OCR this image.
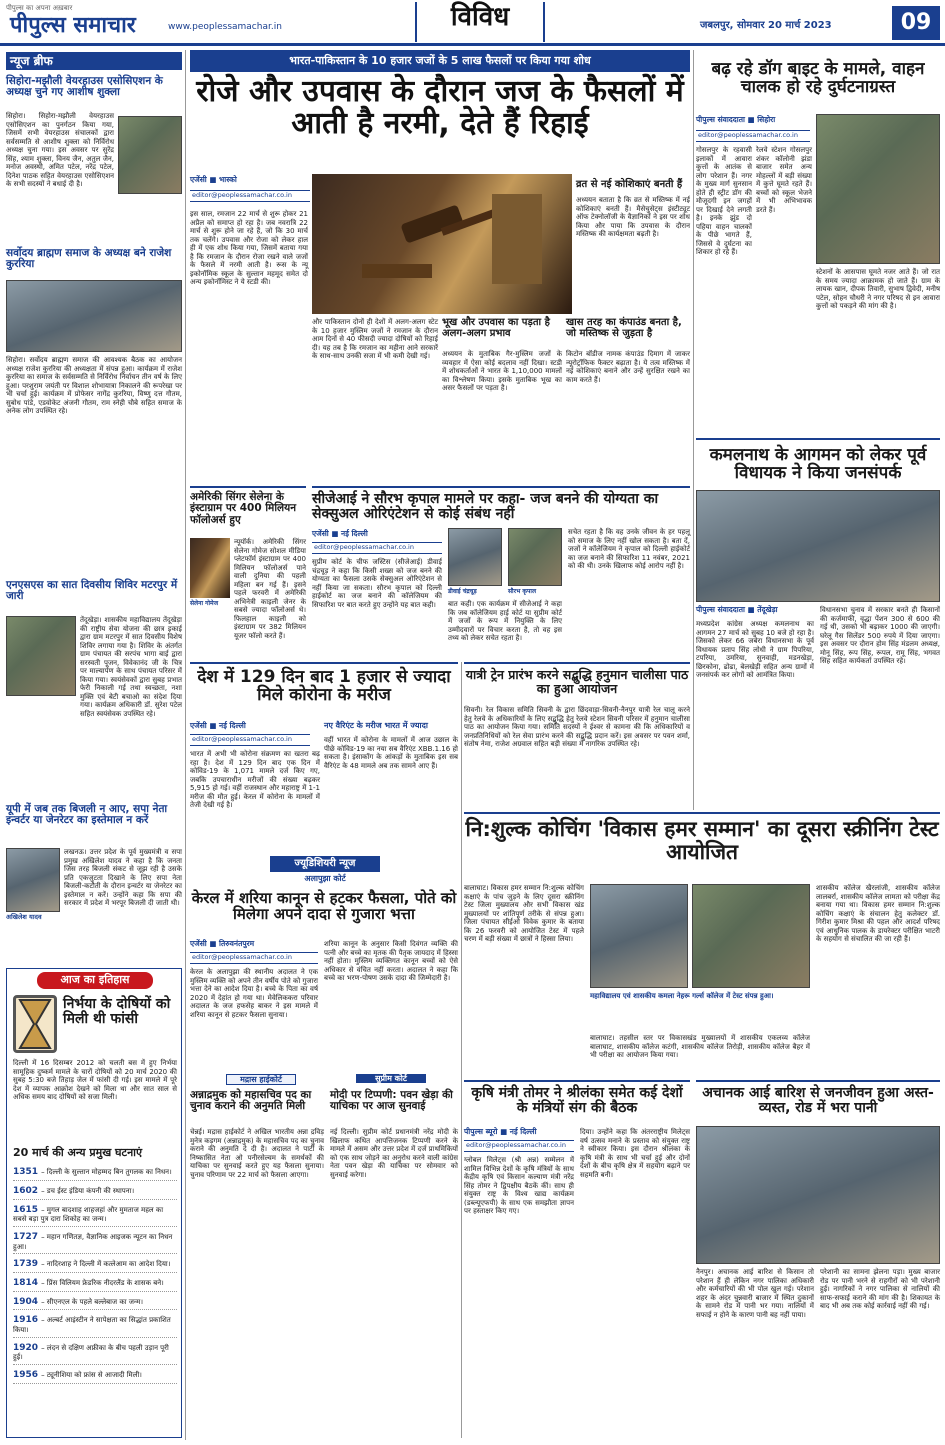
पीपुल्स का अपना अख़बार
पीपुल्स समाचार	www.peoplessamachar.in	विविध	जबलपुर, सोमवार 20 मार्च 2023	09
न्यूज ब्रीफ
सिहोरा-मझौली वेयरहाउस एसोसिएशन के अध्यक्ष चुने गए आशीष शुक्ला
सिहोरा। सिहोरा-मझौली वेयरहाउस एसोसिएशन का पुनर्गठन किया गया, जिसमें सभी वेयरहाउस संचालकों द्वारा सर्वसम्मति से आशीष शुक्ला को निर्विरोध अध्यक्ष चुना गया। इस अवसर पर सुरेंद्र सिंह, श्याम शुक्ला, विनय जैन, अतुल जैन, मनोज अवस्थी, अमित पटेल, नरेंद्र पटेल, दिनेश पाठक सहित वेयरहाउस एसोसिएशन के सभी सदस्यों ने बधाई दी है।
सर्वोदय ब्राह्मण समाज के अध्यक्ष बने राजेश कुररिया
सिहोरा। सर्वोदय ब्राह्मण समाज की आवश्यक बैठक का आयोजन अध्यक्ष राजेश कुररिया की अध्यक्षता में संपन्न हुआ। कार्यक्रम में राजेश कुररिया का समाज के सर्वसम्मति से निर्विरोध निर्वाचन तीन वर्ष के लिए हुआ। परशुराम जयंती पर विशाल शोभायात्रा निकालने की रूपरेखा पर भी चर्चा हुई। कार्यक्रम में प्रोफेसर नागेंद्र कुररिया, विष्णु दत्त गौतम, सुबोध पांडे, एडवोकेट अंजनी गौतम, राम स्नेही चौबे सहित समाज के अनेक लोग उपस्थित रहे।
एनएसएस का सात दिवसीय शिविर मटरपुर में जारी
तेंदूखेड़ा। शासकीय महाविद्यालय तेंदूखेड़ा की राष्ट्रीय सेवा योजना की छात्र इकाई द्वारा ग्राम मटरपुर में सात दिवसीय विशेष शिविर लगाया गया है। शिविर के अंतर्गत ग्राम पंचायत की सरपंच भागा बाई द्वारा सरस्वती पूजन, विवेकानंद जी के चित्र पर माल्यार्पण के साथ पंचायत परिसर में किया गया। स्वयंसेवकों द्वारा सुबह प्रभात फेरी निकाली गई तथा स्वच्छता, नशा मुक्ति एवं बेटी बचाओ का संदेश दिया गया। कार्यक्रम अधिकारी डॉ. सुरेश पटेल सहित स्वयंसेवक उपस्थित रहे।
यूपी में जब तक बिजली न आए, सपा नेता इन्वर्टर या जेनरेटर का इस्तेमाल न करें
अखिलेश यादव
लखनऊ। उत्तर प्रदेश के पूर्व मुख्यमंत्री व सपा प्रमुख अखिलेश यादव ने कहा है कि जनता जिस तरह बिजली संकट से जूझ रही है उसके प्रति एकजुटता दिखाने के लिए सपा नेता बिजली-कटौती के दौरान इन्वर्टर या जेनरेटर का इस्तेमाल न करें। उन्होंने कहा कि सपा की सरकार में प्रदेश में भरपूर बिजली दी जाती थी।
आज का इतिहास
निर्भया के दोषियों को मिली थी फांसी
दिल्ली में 16 दिसम्बर 2012 को चलती बस में हुए निर्भया सामूहिक दुष्कर्म मामले के चारों दोषियों को 20 मार्च 2020 की सुबह 5:30 बजे तिहाड़ जेल में फांसी दी गई। इस मामले में पूरे देश में व्यापक आक्रोश देखने को मिला था और सात साल से अधिक समय बाद दोषियों को सजा मिली।
20 मार्च की अन्य प्रमुख घटनाएं
1351 – दिल्ली के सुल्तान मोहम्मद बिन तुगलक का निधन।
1602 – डच ईस्ट इंडिया कंपनी की स्थापना।
1615 – मुगल बादशाह शाहजहां और मुमताज महल का सबसे बड़ा पुत्र दारा शिकोह का जन्म।
1727 – महान गणितज्ञ, वैज्ञानिक आइजक न्यूटन का निधन हुआ।
1739 – नादिरशाह ने दिल्ली में कत्लेआम का आदेश दिया।
1814 – प्रिंस विलियम फ्रेडरिक नीदरलैंड के शासक बने।
1904 – सीएनएल के पहले बल्लेबाज का जन्म।
1916 – अल्बर्ट आइंस्टीन ने सापेक्षता का सिद्धांत प्रकाशित किया।
1920 – लंदन से दक्षिण अफ्रीका के बीच पहली उड़ान पूरी हुई।
1956 – ट्यूनीशिया को फ्रांस से आजादी मिली।
भारत-पाकिस्तान के 10 हजार जजों के 5 लाख फैसलों पर किया गया शोध
रोजे और उपवास के दौरान जज के फैसलों में आती है नरमी, देते हैं रिहाई
एजेंसी ■ भास्को
editor@peoplessamachar.co.in
व्रत से नई कोशिकाएं बनती हैं
इस साल, रमजान 22 मार्च से शुरू होकर 21 अप्रैल को समाप्त हो रहा है। जब नवरात्रि 22 मार्च से शुरू होने जा रहे हैं, जो कि 30 मार्च तक चलेंगे। उपवास और रोजा को लेकर हाल ही में एक शोध किया गया, जिसमें बताया गया है कि रमजान के दौरान रोजा रखने वाले जजों के फैसले में नरमी आती है। रूस के न्यू इकोनॉमिक स्कूल के सुल्तान महमूद समेत दो अन्य इकोनॉमिस्ट ने ये स्टडी की।
और पाकिस्तान दोनों ही देशों में अलग-अलग स्टेट के 10 हजार मुस्लिम जजों ने रमजान के दौरान आम दिनों से 40 फीसदी ज्यादा दोषियों को रिहाई दी। यह तब है कि रमजान का महीना आने सरकारें के साथ-साथ उनकी सजा में भी कमी देखी गई।
भूख और उपवास का पड़ता है अलग-अलग प्रभाव
अध्ययन के मुताबिक गैर-मुस्लिम जजों के व्यवहार में ऐसा कोई बदलाव नहीं दिखा। स्टडी में शोधकर्ताओं ने भारत के 1,10,000 मामलों का विश्लेषण किया। इसके मुताबिक भूख का असर फैसलों पर पड़ता है।
अध्ययन बताता है कि व्रत से मस्तिष्क में नई कोशिकाएं बनती हैं। मैसेचुसेट्स इंस्टीट्यूट ऑफ टेक्नोलॉजी के वैज्ञानिकों ने इस पर शोध किया और पाया कि उपवास के दौरान मस्तिष्क की कार्यक्षमता बढ़ती है।
खास तरह का कंपाउंड बनता है, जो मस्तिष्क से जुड़ता है
किटोन बॉडीज नामक कंपाउंड दिमाग में जाकर न्यूरोट्रॉफिक फैक्टर बढ़ाता है। ये तत्व मस्तिष्क में नई कोशिकाएं बनाने और उन्हें सुरक्षित रखने का काम करते हैं।
बढ़ रहे डॉग बाइट के मामले, वाहन चालक हो रहे दुर्घटनाग्रस्त
पीपुल्स संवाददाता ■ सिहोरा
editor@peoplessamachar.co.in
गोसलपुर के रहवासी इलाकों में आवारा कुत्तों के आतंक से लोग परेशान हैं। नगर के मुख्य मार्ग सुनसान होते ही स्ट्रीट डॉग की मौजूदगी इन जगहों पर दिखाई देने लगती है। इनके झुंड दो पहिया वाहन चालकों के पीछे भागते हैं, जिससे वे दुर्घटना का शिकार हो रहे हैं।
रेलवे स्टेशन गोसलपुर शंकर कॉलोनी झंडा बाजार समेत अन्य मोहल्लों में बड़ी संख्या में कुत्ते घूमते रहते हैं। बच्चों को स्कूल भेजने में भी अभिभावक डरते हैं।
स्टेशनों के आसपास घूमते नजर आते हैं। जो रात के समय ज्यादा आक्रामक हो जाते हैं। ग्राम के लायक खान, दीपक तिवारी, सुभाष द्विवेदी, मनीष पटेल, सोहन चौधरी ने नगर परिषद से इन आवारा कुत्तों को पकड़ने की मांग की है।
कमलनाथ के आगमन को लेकर पूर्व विधायक ने किया जनसंपर्क
पीपुल्स संवाददाता ■ तेंदूखेड़ा
मध्यप्रदेश कांग्रेस अध्यक्ष कमलनाथ का आगमन 27 मार्च को सुबह 10 बजे हो रहा है। जिसको लेकर 66 जबेरा विधानसभा के पूर्व विधायक प्रताप सिंह लोधी ने ग्राम पिपरिया, टपरिया, उमरिया, सुनवाही, मडनखेड़ा, छिरकोना, ढोढा, बेलखेड़ी सहित अन्य ग्रामों में जनसंपर्क कर लोगों को आमंत्रित किया।
विधानसभा चुनाव में सरकार बनते ही किसानों की कर्जमाफी, वृद्धा पेंशन 300 से 600 की गई थी, उसको भी बढ़ाकर 1000 की जाएगी। घरेलू गैस सिलेंडर 500 रुपये में दिया जाएगा। इस अवसर पर दौरान होम सिंह मंडलम अध्यक्ष, मोनू सिंह, रूप सिंह, रूपल, रामू सिंह, भगवत सिंह सहित कार्यकर्ता उपस्थित रहे।
अमेरिकी सिंगर सेलेना के इंस्टाग्राम पर 400 मिलियन फॉलोअर्स हुए
सेलेना गोमेज
न्यूयॉर्क। अमेरिकी सिंगर सेलेना गोमेज सोशल मीडिया प्लेटफॉर्म इंस्टाग्राम पर 400 मिलियन फॉलोअर्स पाने वाली दुनिया की पहली महिला बन गई हैं। इसने पहले फरवरी में अमेरिकी अभिनेत्री काइली जेनर के सबसे ज्यादा फॉलोअर्स थे। फिलहाल काइली को इंस्टाग्राम पर 382 मिलियन यूजर फॉलो करते हैं।
सीजेआई ने सौरभ कृपाल मामले पर कहा- जज बनने की योग्यता का सेक्सुअल ओरिएंटेशन से कोई संबंध नहीं
एजेंसी ■ नई दिल्ली
editor@peoplessamachar.co.in
सुप्रीम कोर्ट के चीफ जस्टिस (सीजेआई) डीवाई चंद्रचूड़ ने कहा कि किसी शख्स को जज बनने की योग्यता का फैसला उसके सेक्सुअल ओरिएंटेशन से नहीं किया जा सकता। सौरभ कृपाल को दिल्ली हाईकोर्ट का जज बनाने की कॉलेजियम की सिफारिश पर बात करते हुए उन्होंने यह बात कही।
डीवाई चंद्रचूड़	सौरभ कृपाल
बात कही। एक कार्यक्रम में सीजेआई ने कहा कि जब कॉलेजियम हाई कोर्ट या सुप्रीम कोर्ट में जजों के रूप में नियुक्ति के लिए उम्मीदवारों पर विचार करता है, तो वह इस तथ्य को लेकर सचेत रहता है।
सचेत रहता है कि वह उनके जीवन के हर पहलू को समाज के लिए नहीं खोल सकता है। बता दें, जजों ने कॉलेजियम ने कृपाल को दिल्ली हाईकोर्ट का जज बनाने की सिफारिश 11 नवंबर, 2021 को की थी। उनके खिलाफ कोई आरोप नहीं है।
देश में 129 दिन बाद 1 हजार से ज्यादा मिले कोरोना के मरीज
एजेंसी ■ नई दिल्ली
editor@peoplessamachar.co.in
भारत में अभी भी कोरोना संक्रमण का खतरा बढ़ रहा है। देश में 129 दिन बाद एक दिन में कोविड-19 के 1,071 मामले दर्ज किए गए, जबकि उपचाराधीन मरीजों की संख्या बढ़कर 5,915 हो गई। वहीं राजस्थान और महाराष्ट्र में 1-1 मरीज की मौत हुई। केरल में कोरोना के मामलों में तेजी देखी गई है।
नए वैरिएंट के मरीज भारत में ज्यादा
वहीं भारत में कोरोना के मामलों में आज उछाल के पीछे कोविड-19 का नया सब वैरिएंट XBB.1.16 हो सकता है। इंसाकॉग के आंकड़ों के मुताबिक इस सब वैरिएंट के 48 मामले अब तक सामने आए हैं।
यात्री ट्रेन प्रारंभ करने सद्बुद्धि हनुमान चालीसा पाठ का हुआ आयोजन
सिवनी। रेल विकास समिति सिवनी के द्वारा छिंदवाड़ा-सिवनी-नैनपुर यात्री रेल चालू करने हेतु रेलवे के अधिकारियों के लिए सद्बुद्धि हेतु रेलवे स्टेशन सिवनी परिसर में हनुमान चालीसा पाठ का आयोजन किया गया। समिति सदस्यों ने ईश्वर से कामना की कि अधिकारियों व जनप्रतिनिधियों को रेल सेवा प्रारंभ करने की सद्बुद्धि प्रदान करें। इस अवसर पर पवन शर्मा, संतोष नेमा, राजेश अग्रवाल सहित बड़ी संख्या में नागरिक उपस्थित रहे।
ज्यूडिशियरी न्यूज
अलापुझा कोर्ट
केरल में शरिया कानून से हटकर फैसला, पोते को मिलेगा अपने दादा से गुजारा भत्ता
एजेंसी ■ तिरुवनंतपुरम
editor@peoplessamachar.co.in
केरल के अलापुझा की स्थानीय अदालत ने एक मुस्लिम व्यक्ति को अपने तीन वर्षीय पोते को गुजारा भत्ता देने का आदेश दिया है। बच्चे के पिता का वर्ष 2020 में देहांत हो गया था। मेवेलिककरा परिवार अदालत के जज हफसेह बाकर ने इस मामले में शरिया कानून से हटकर फैसला सुनाया।
शरिया कानून के अनुसार किसी दिवंगत व्यक्ति की पत्नी और बच्चे का मृतक की पैतृक जायदाद में हिस्सा नहीं होता। मुस्लिम व्यक्तिगत कानून बच्चों को ऐसे अधिकार से वंचित नहीं करता। अदालत ने कहा कि बच्चे का भरण-पोषण उसके दादा की जिम्मेदारी है।
मद्रास हाईकोर्ट
अन्नाद्रमुक को महासचिव पद का चुनाव कराने की अनुमति मिली
चेन्नई। मद्रास हाईकोर्ट ने अखिल भारतीय अन्ना द्रविड़ मुनेत्र कड़गम (अन्नाद्रमुक) के महासचिव पद का चुनाव कराने की अनुमति दे दी है। अदालत ने पार्टी के निष्कासित नेता ओ पनीरसेल्वम के समर्थकों की याचिका पर सुनवाई करते हुए यह फैसला सुनाया। चुनाव परिणाम पर 22 मार्च को फैसला आएगा।
सुप्रीम कोर्ट
मोदी पर टिप्पणी: पवन खेड़ा की याचिका पर आज सुनवाई
नई दिल्ली। सुप्रीम कोर्ट प्रधानमंत्री नरेंद्र मोदी के खिलाफ कथित आपत्तिजनक टिप्पणी करने के मामले में असम और उत्तर प्रदेश में दर्ज प्राथमिकियों को एक साथ जोड़ने का अनुरोध करने वाली कांग्रेस नेता पवन खेड़ा की याचिका पर सोमवार को सुनवाई करेगा।
नि:शुल्क कोचिंग 'विकास हमर सम्मान' का दूसरा स्क्रीनिंग टेस्ट आयोजित
बालाघाट। विकास हमर सम्मान नि:शुल्क कोचिंग कक्षाएं के पांच जुड़ने के लिए दूसरा स्क्रीनिंग टेस्ट जिला मुख्यालय और सभी विकास खंड मुख्यालयों पर शांतिपूर्ण तरीके से संपन्न हुआ। जिला पंचायत सीईओ विवेक कुमार के बताया कि 26 फरवरी को आयोजित टेस्ट में पहले चरण में बड़ी संख्या में छात्रों ने हिस्सा लिया।
महाविद्यालय एवं शासकीय कमला नेहरू गर्ल्स कॉलेज में टेस्ट संपन्न हुआ।
बालाघाट। तहसील स्तर पर विकासखंड मुख्यालयों में शासकीय एकलव्य कॉलेज बालाघाट, शासकीय कॉलेज कटंगी, शासकीय कॉलेज तिरोड़ी, शासकीय कॉलेज बैहर में भी परीक्षा का आयोजन किया गया।
शासकीय कॉलेज खैरलांजी, शासकीय कॉलेज लालबर्रा, शासकीय कॉलेज लामता को परीक्षा केंद्र बनाया गया था। विकास हमर सम्मान नि:शुल्क कोचिंग कक्षाएं के संचालन हेतु कलेक्टर डॉ. गिरीश कुमार मिश्रा की पहल और आदर्श परिषद एवं आधुनिक पालक के डायरेक्टर परीक्षित भाटरी के सहयोग से संचालित की जा रही हैं।
कृषि मंत्री तोमर ने श्रीलंका समेत कई देशों के मंत्रियों संग की बैठक
पीपुल्स ब्यूरो ■ नई दिल्ली
editor@peoplessamachar.co.in
ग्लोबल मिलेट्स (श्री अन्न) सम्मेलन में शामिल विभिन्न देशों के कृषि मंत्रियों के साथ केंद्रीय कृषि एवं किसान कल्याण मंत्री नरेंद्र सिंह तोमर ने द्विपक्षीय बैठकें कीं। साथ ही संयुक्त राष्ट्र के विश्व खाद्य कार्यक्रम (डब्ल्यूएफपी) के साथ एक समझौता ज्ञापन पर हस्ताक्षर किए गए।
दिया। उन्होंने कहा कि अंतरराष्ट्रीय मिलेट्स वर्ष उत्सव मनाने के प्रस्ताव को संयुक्त राष्ट्र ने स्वीकार किया। इस दौरान श्रीलंका के कृषि मंत्री के साथ भी चर्चा हुई और दोनों देशों के बीच कृषि क्षेत्र में सहयोग बढ़ाने पर सहमति बनी।
अचानक आई बारिश से जनजीवन हुआ अस्त-व्यस्त, रोड में भरा पानी
नैनपुर। अचानक आई बारिश से किसान तो परेशान हैं ही लेकिन नगर पालिका अधिकारी और कर्मचारियों की भी पोल खुल गई। परेशान शहर के अंदर चुन्नवारी बाजार में स्थित दुकानों के सामने रोड में पानी भर गया। नालियों में सफाई न होने के कारण पानी बह नहीं पाया।
परेशानी का सामना झेलना पड़ा। मुख्य बाजार रोड पर पानी भरने से राहगीरों को भी परेशानी हुई। नागरिकों ने नगर पालिका से नालियों की साफ-सफाई कराने की मांग की है। शिकायत के बाद भी अब तक कोई कार्रवाई नहीं की गई।
